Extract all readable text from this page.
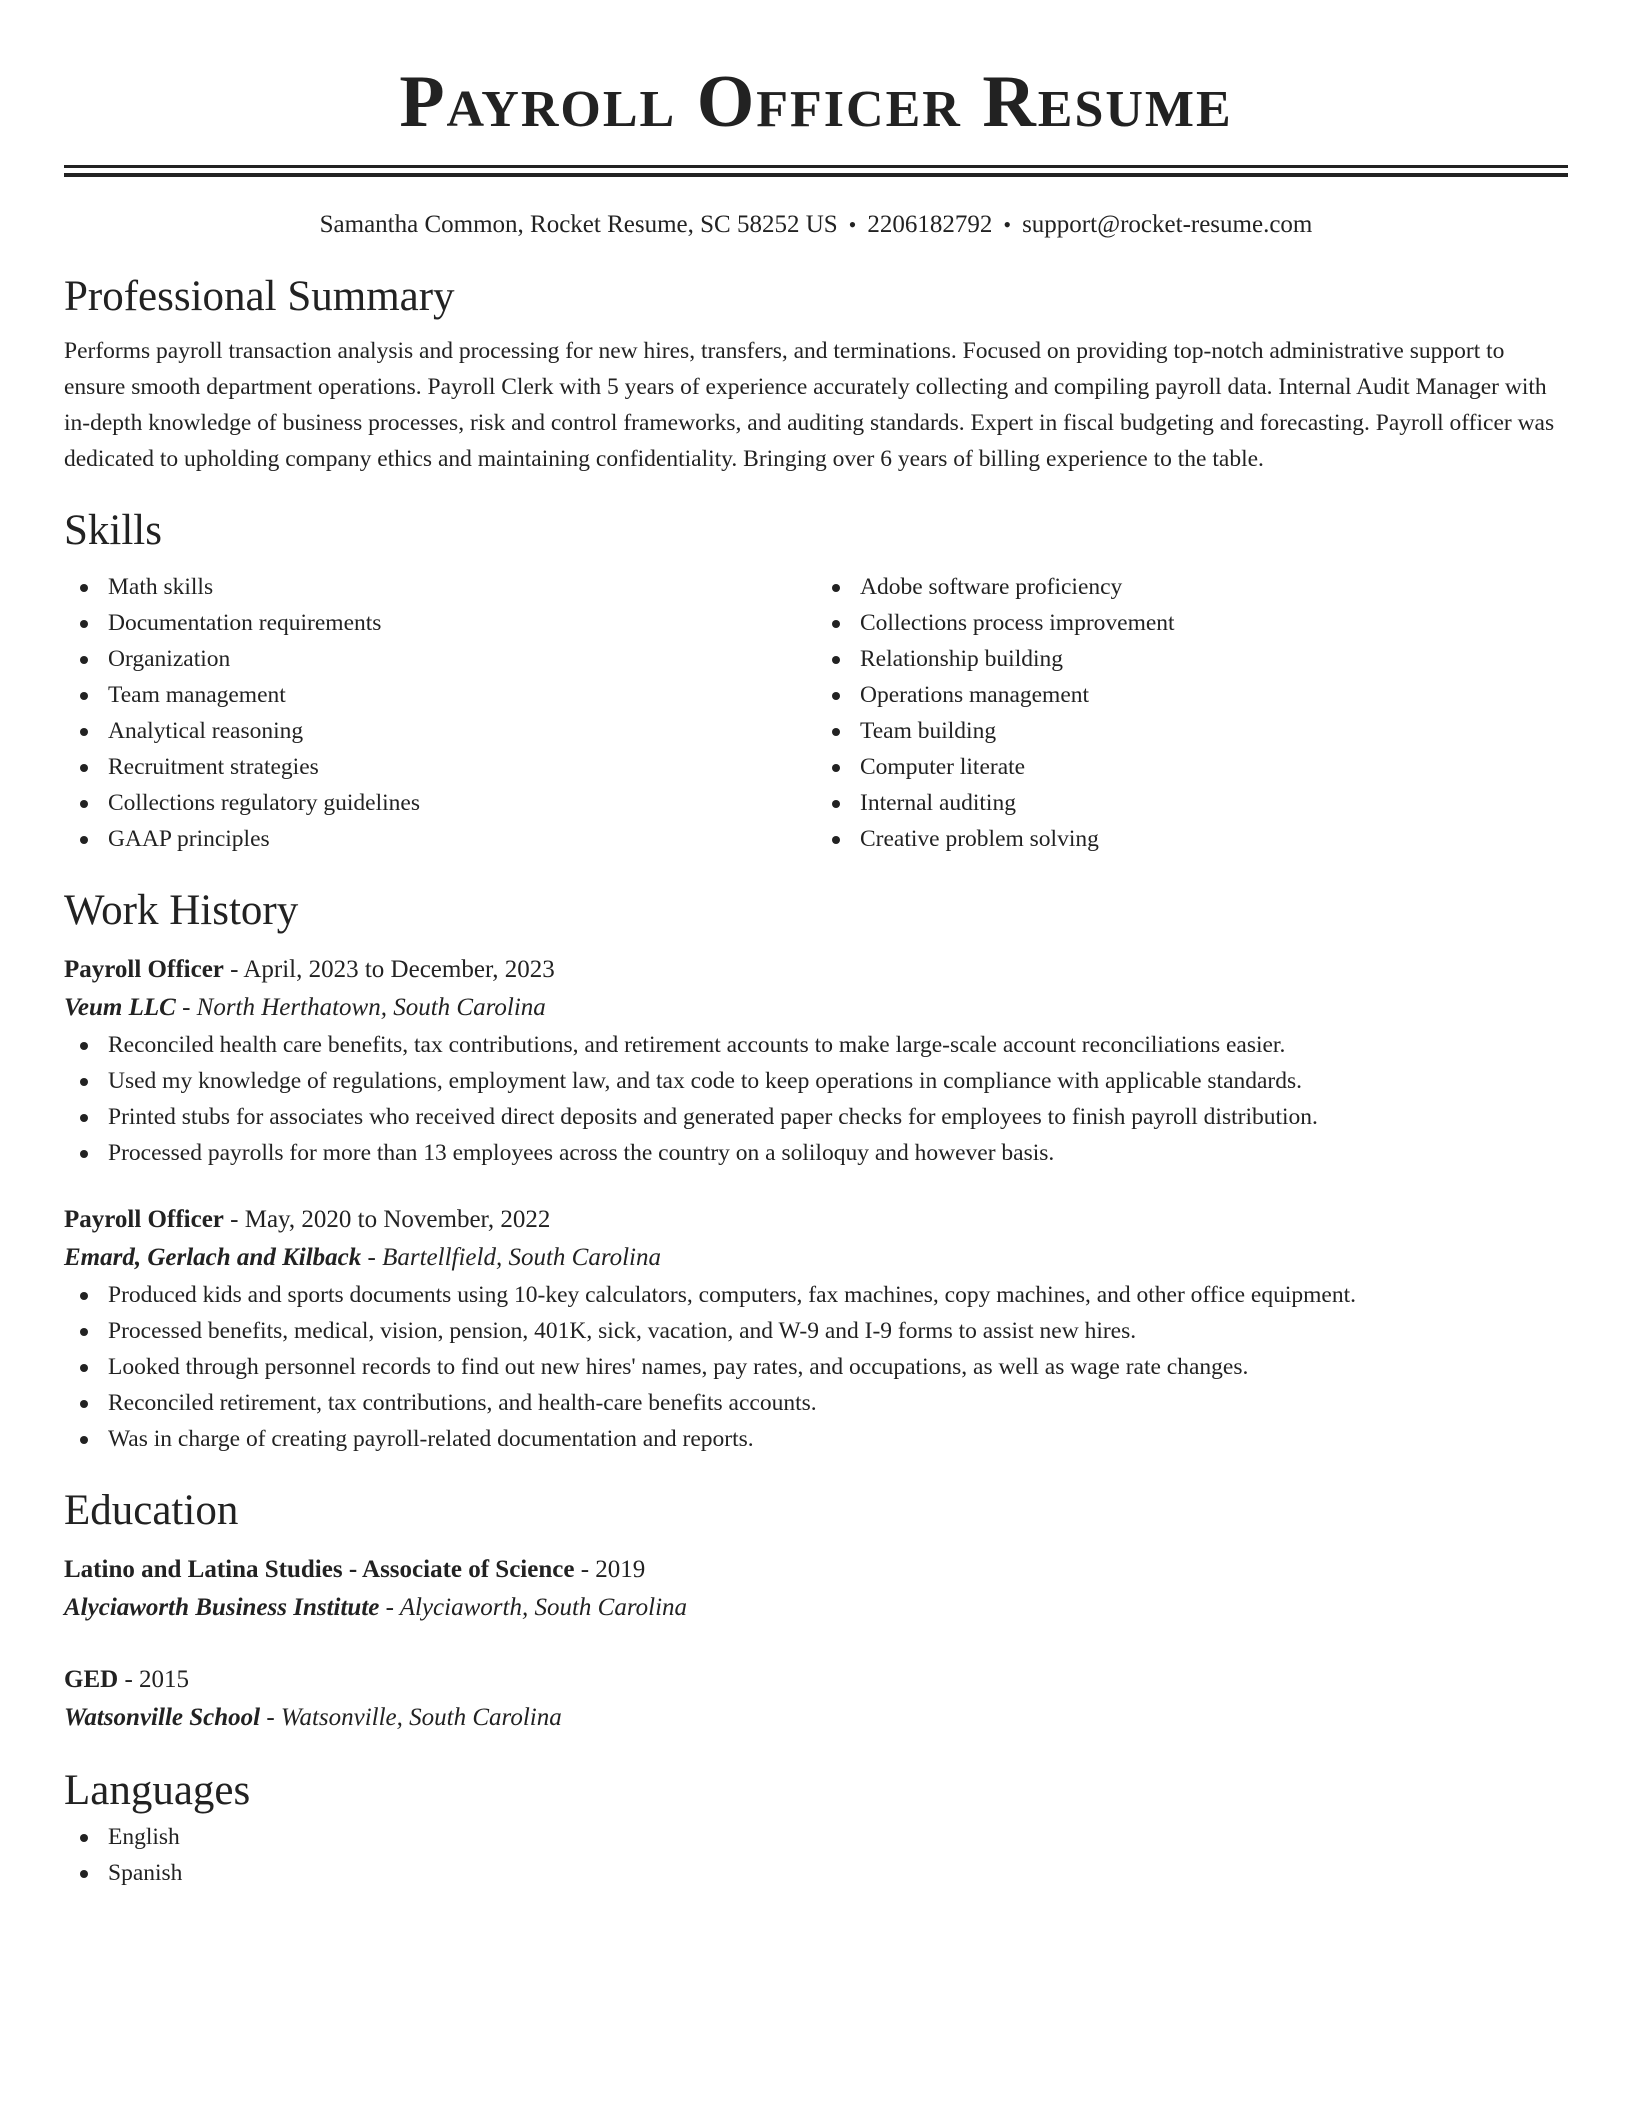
Payroll Officer Resume
Samantha Common, Rocket Resume, SC 58252 US • 2206182792 • support@rocket-resume.com
Professional Summary

Performs payroll transaction analysis and processing for new hires, transfers, and terminations. Focused on providing top-notch administrative support to ensure smooth department operations. Payroll Clerk with 5 years of experience accurately collecting and compiling payroll data. Internal Audit Manager with in-depth knowledge of business processes, risk and control frameworks, and auditing standards. Expert in fiscal budgeting and forecasting. Payroll officer was dedicated to upholding company ethics and maintaining confidentiality. Bringing over 6 years of billing experience to the table.

Skills
Math skills
Documentation requirements
Organization
Team management
Analytical reasoning
Recruitment strategies
Collections regulatory guidelines
GAAP principles
Adobe software proficiency
Collections process improvement
Relationship building
Operations management
Team building
Computer literate
Internal auditing
Creative problem solving
Work History
Payroll Officer - April, 2023 to December, 2023
Veum LLC - North Herthatown, South Carolina
Reconciled health care benefits, tax contributions, and retirement accounts to make large-scale account reconciliations easier.
Used my knowledge of regulations, employment law, and tax code to keep operations in compliance with applicable standards.
Printed stubs for associates who received direct deposits and generated paper checks for employees to finish payroll distribution.
Processed payrolls for more than 13 employees across the country on a soliloquy and however basis.
Payroll Officer - May, 2020 to November, 2022
Emard, Gerlach and Kilback - Bartellfield, South Carolina
Produced kids and sports documents using 10-key calculators, computers, fax machines, copy machines, and other office equipment.
Processed benefits, medical, vision, pension, 401K, sick, vacation, and W-9 and I-9 forms to assist new hires.
Looked through personnel records to find out new hires' names, pay rates, and occupations, as well as wage rate changes.
Reconciled retirement, tax contributions, and health-care benefits accounts.
Was in charge of creating payroll-related documentation and reports.
Education
Latino and Latina Studies - Associate of Science - 2019
Alyciaworth Business Institute - Alyciaworth, South Carolina
GED - 2015
Watsonville School - Watsonville, South Carolina
Languages
English
Spanish
